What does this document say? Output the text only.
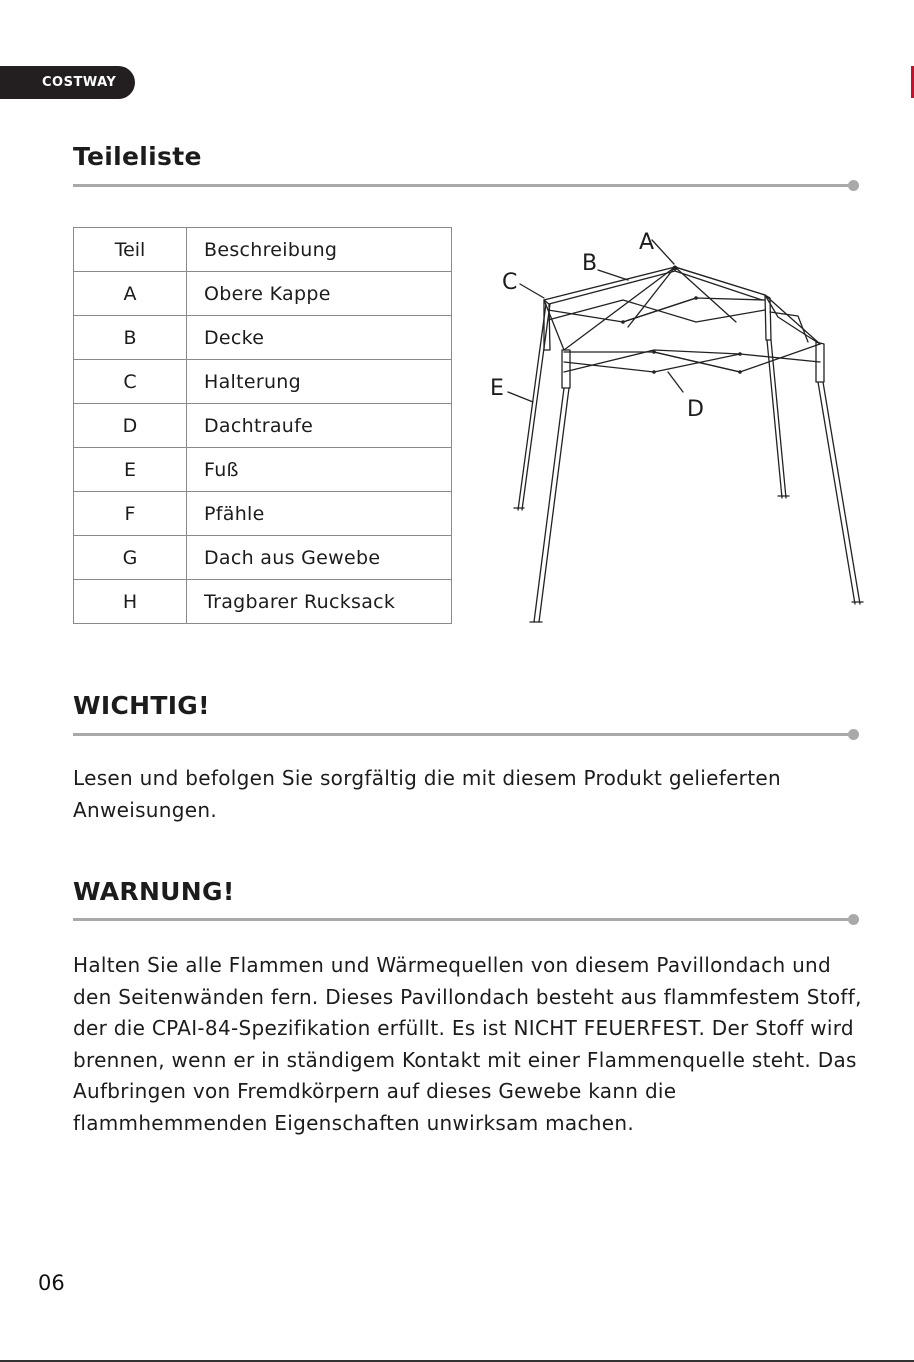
COSTWAY
Teileliste
Teil	Beschreibung
A	Obere Kappe
B	Decke
C	Halterung
D	Dachtraufe
E	Fuß
F	Pfähle
G	Dach aus Gewebe
H	Tragbarer Rucksack
A
B
C
D
E
WICHTIG!

Lesen und befolgen Sie sorgfältig die mit diesem Produkt gelieferten Anweisungen.

WARNUNG!

Halten Sie alle Flammen und Wärmequellen von diesem Pavillondach und den Seitenwänden fern. Dieses Pavillondach besteht aus flammfestem Stoff, der die CPAI-84-Spezifikation erfüllt. Es ist NICHT FEUERFEST. Der Stoff wird brennen, wenn er in ständigem Kontakt mit einer Flammenquelle steht. Das Aufbringen von Fremdkörpern auf dieses Gewebe kann die flammhemmenden Eigenschaften unwirksam machen.

06
